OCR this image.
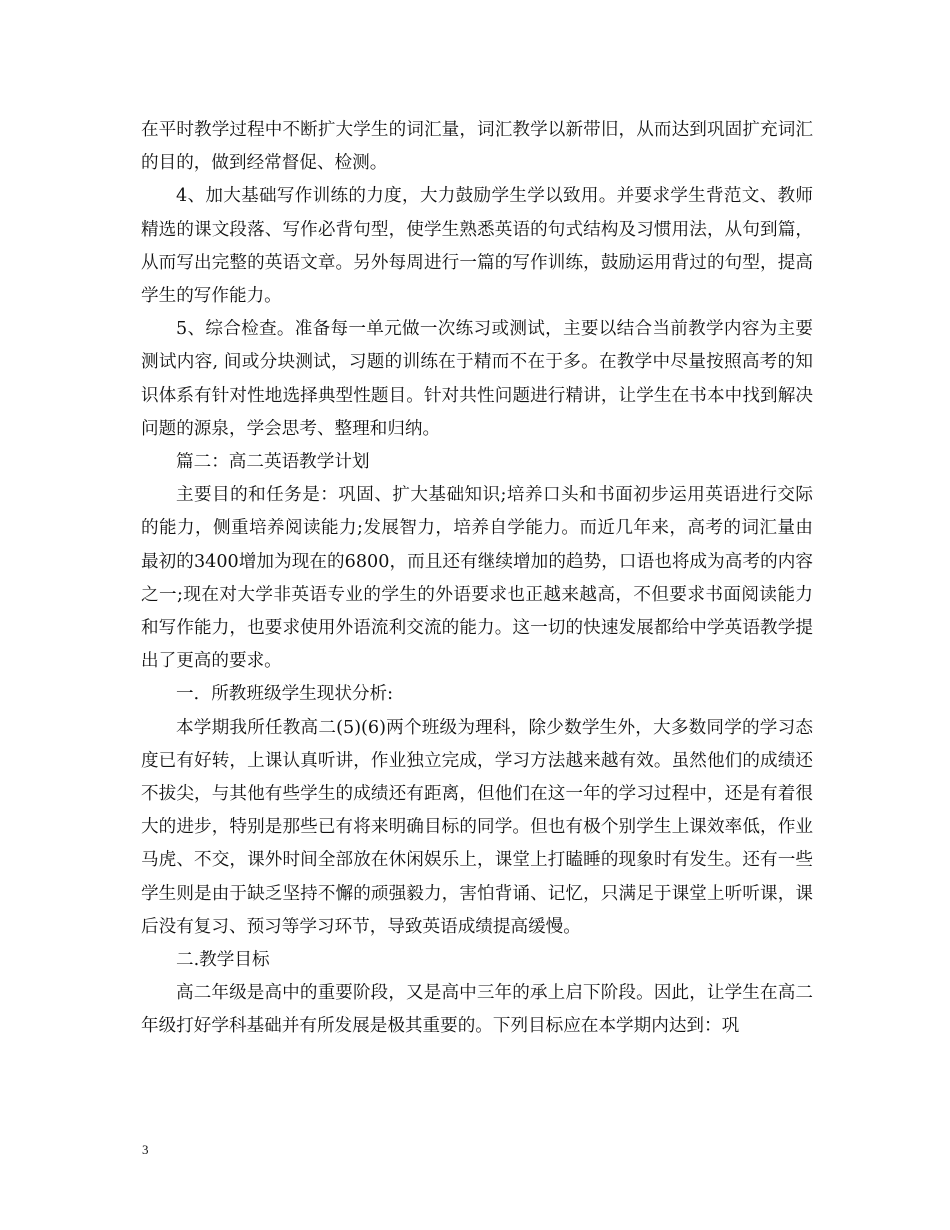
在平时教学过程中不断扩大学生的词汇量，词汇教学以新带旧，从而达到巩固扩充词汇的目的，做到经常督促、检测。

4、加大基础写作训练的力度，大力鼓励学生学以致用。并要求学生背范文、教师精选的课文段落、写作必背句型，使学生熟悉英语的句式结构及习惯用法，从句到篇，从而写出完整的英语文章。另外每周进行一篇的写作训练，鼓励运用背过的句型，提高学生的写作能力。

5、综合检查。准备每一单元做一次练习或测试，主要以结合当前教学内容为主要测试内容, 间或分块测试，习题的训练在于精而不在于多。在教学中尽量按照高考的知识体系有针对性地选择典型性题目。针对共性问题进行精讲，让学生在书本中找到解决问题的源泉，学会思考、整理和归纳。

篇二：高二英语教学计划

主要目的和任务是：巩固、扩大基础知识;培养口头和书面初步运用英语进行交际的能力，侧重培养阅读能力;发展智力，培养自学能力。而近几年来，高考的词汇量由最初的3400增加为现在的6800，而且还有继续增加的趋势，口语也将成为高考的内容之一;现在对大学非英语专业的学生的外语要求也正越来越高，不但要求书面阅读能力和写作能力，也要求使用外语流利交流的能力。这一切的快速发展都给中学英语教学提出了更高的要求。

一．所教班级学生现状分析:

本学期我所任教高二(5)(6)两个班级为理科，除少数学生外，大多数同学的学习态度已有好转，上课认真听讲，作业独立完成，学习方法越来越有效。虽然他们的成绩还不拔尖，与其他有些学生的成绩还有距离，但他们在这一年的学习过程中，还是有着很大的进步，特别是那些已有将来明确目标的同学。但也有极个别学生上课效率低，作业马虎、不交，课外时间全部放在休闲娱乐上，课堂上打瞌睡的现象时有发生。还有一些学生则是由于缺乏坚持不懈的顽强毅力，害怕背诵、记忆，只满足于课堂上听听课，课后没有复习、预习等学习环节，导致英语成绩提高缓慢。

二.教学目标

高二年级是高中的重要阶段，又是高中三年的承上启下阶段。因此，让学生在高二年级打好学科基础并有所发展是极其重要的。下列目标应在本学期内达到：巩

3
